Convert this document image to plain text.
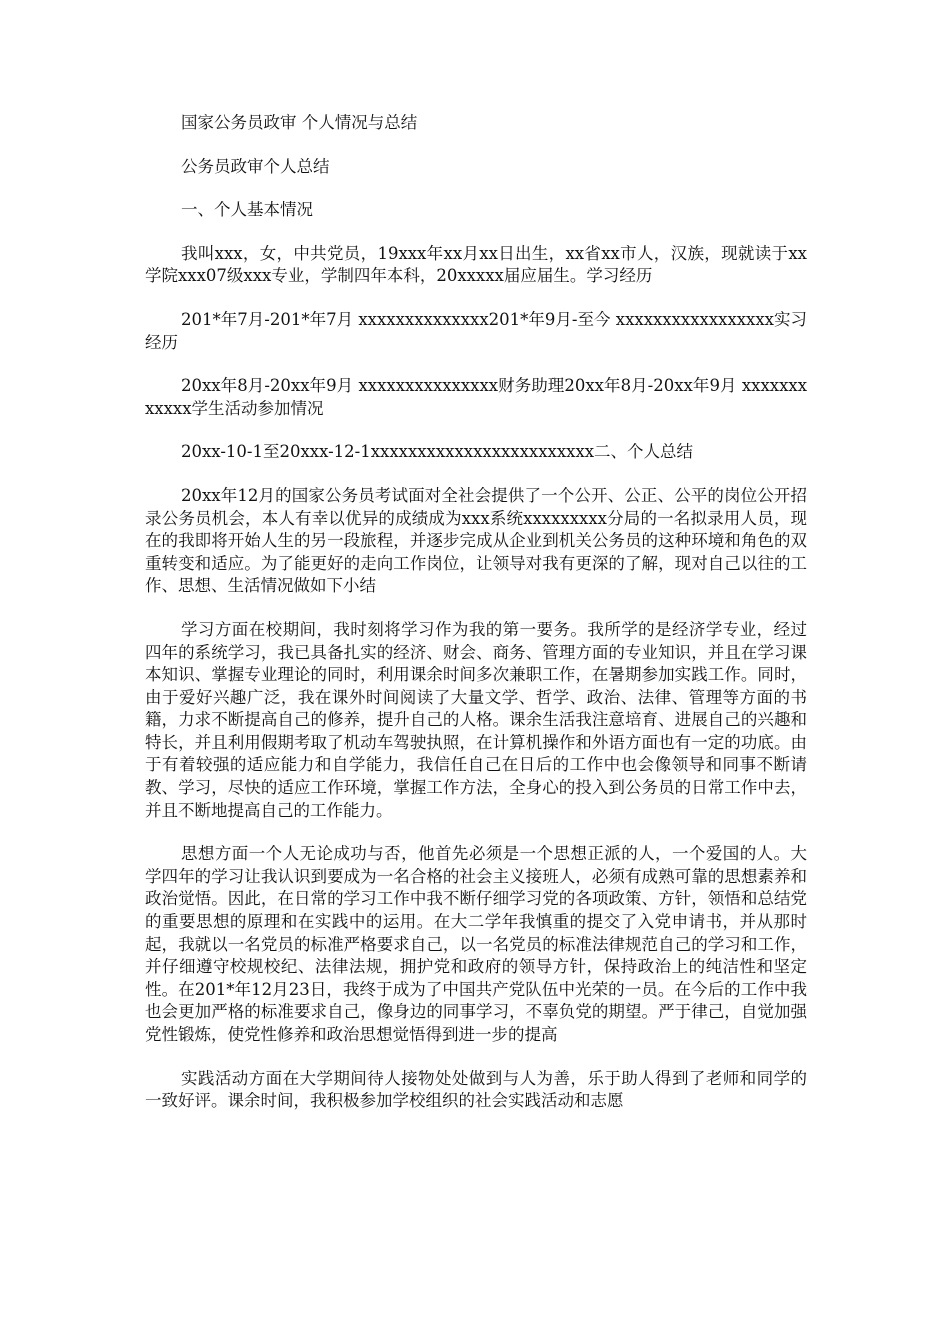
国家公务员政审 个人情况与总结

公务员政审个人总结

一、个人基本情况

我叫xxx，女，中共党员，19xxx年xx月xx日出生，xx省xx市人，汉族，现就读于xx学院xxx07级xxx专业，学制四年本科，20xxxxx届应届生。学习经历

201*年7月-201*年7月 xxxxxxxxxxxxxx201*年9月-至今 xxxxxxxxxxxxxxxxx实习经历

20xx年8月-20xx年9月 xxxxxxxxxxxxxxx财务助理20xx年8月-20xx年9月 xxxxxxxxxxxx学生活动参加情况

20xx-10-1至20xxx-12-1xxxxxxxxxxxxxxxxxxxxxxxx二、个人总结

20xx年12月的国家公务员考试面对全社会提供了一个公开、公正、公平的岗位公开招录公务员机会，本人有幸以优异的成绩成为xxx系统xxxxxxxxx分局的一名拟录用人员，现在的我即将开始人生的另一段旅程，并逐步完成从企业到机关公务员的这种环境和角色的双重转变和适应。为了能更好的走向工作岗位，让领导对我有更深的了解，现对自己以往的工作、思想、生活情况做如下小结

学习方面在校期间，我时刻将学习作为我的第一要务。我所学的是经济学专业，经过四年的系统学习，我已具备扎实的经济、财会、商务、管理方面的专业知识，并且在学习课本知识、掌握专业理论的同时，利用课余时间多次兼职工作，在暑期参加实践工作。同时，由于爱好兴趣广泛，我在课外时间阅读了大量文学、哲学、政治、法律、管理等方面的书籍，力求不断提高自己的修养，提升自己的人格。课余生活我注意培育、进展自己的兴趣和特长，并且利用假期考取了机动车驾驶执照，在计算机操作和外语方面也有一定的功底。由于有着较强的适应能力和自学能力，我信任自己在日后的工作中也会像领导和同事不断请教、学习，尽快的适应工作环境，掌握工作方法，全身心的投入到公务员的日常工作中去，并且不断地提高自己的工作能力。

思想方面一个人无论成功与否，他首先必须是一个思想正派的人，一个爱国的人。大学四年的学习让我认识到要成为一名合格的社会主义接班人，必须有成熟可靠的思想素养和政治觉悟。因此，在日常的学习工作中我不断仔细学习党的各项政策、方针，领悟和总结党的重要思想的原理和在实践中的运用。在大二学年我慎重的提交了入党申请书，并从那时起，我就以一名党员的标准严格要求自己，以一名党员的标准法律规范自己的学习和工作，并仔细遵守校规校纪、法律法规，拥护党和政府的领导方针，保持政治上的纯洁性和坚定性。在201*年12月23日，我终于成为了中国共产党队伍中光荣的一员。在今后的工作中我也会更加严格的标准要求自己，像身边的同事学习，不辜负党的期望。严于律己，自觉加强党性锻炼，使党性修养和政治思想觉悟得到进一步的提高

实践活动方面在大学期间待人接物处处做到与人为善，乐于助人得到了老师和同学的一致好评。课余时间，我积极参加学校组织的社会实践活动和志愿
